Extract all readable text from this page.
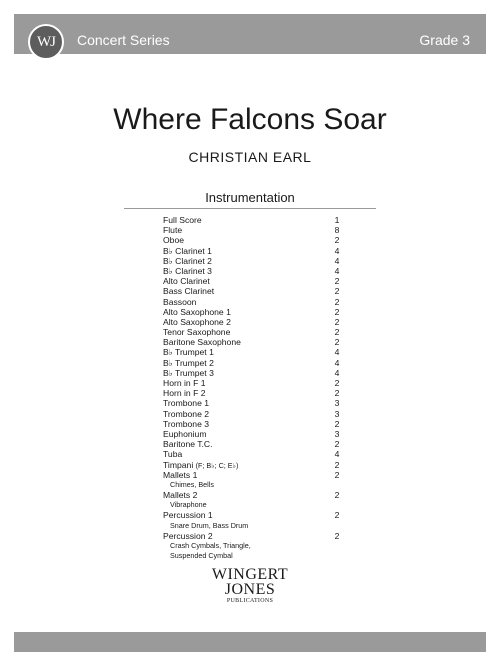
WJ	Concert Series	Grade 3
Where Falcons Soar
CHRISTIAN EARL
Instrumentation
Full Score	1
Flute	8
Oboe	2
B♭ Clarinet 1	4
B♭ Clarinet 2	4
B♭ Clarinet 3	4
Alto Clarinet	2
Bass Clarinet	2
Bassoon	2
Alto Saxophone 1	2
Alto Saxophone 2	2
Tenor Saxophone	2
Baritone Saxophone	2
B♭ Trumpet 1	4
B♭ Trumpet 2	4
B♭ Trumpet 3	4
Horn in F 1	2
Horn in F 2	2
Trombone 1	3
Trombone 2	3
Trombone 3	2
Euphonium	3
Baritone T.C.	2
Tuba	4
Timpani (F; B♭; C; E♭)	2
Mallets 1	2
Chimes, Bells
Mallets 2	2
Vibraphone
Percussion 1	2
Snare Drum, Bass Drum
Percussion 2	2
Crash Cymbals, Triangle,
Suspended Cymbal
WINGERT
JONES
PUBLICATIONS
